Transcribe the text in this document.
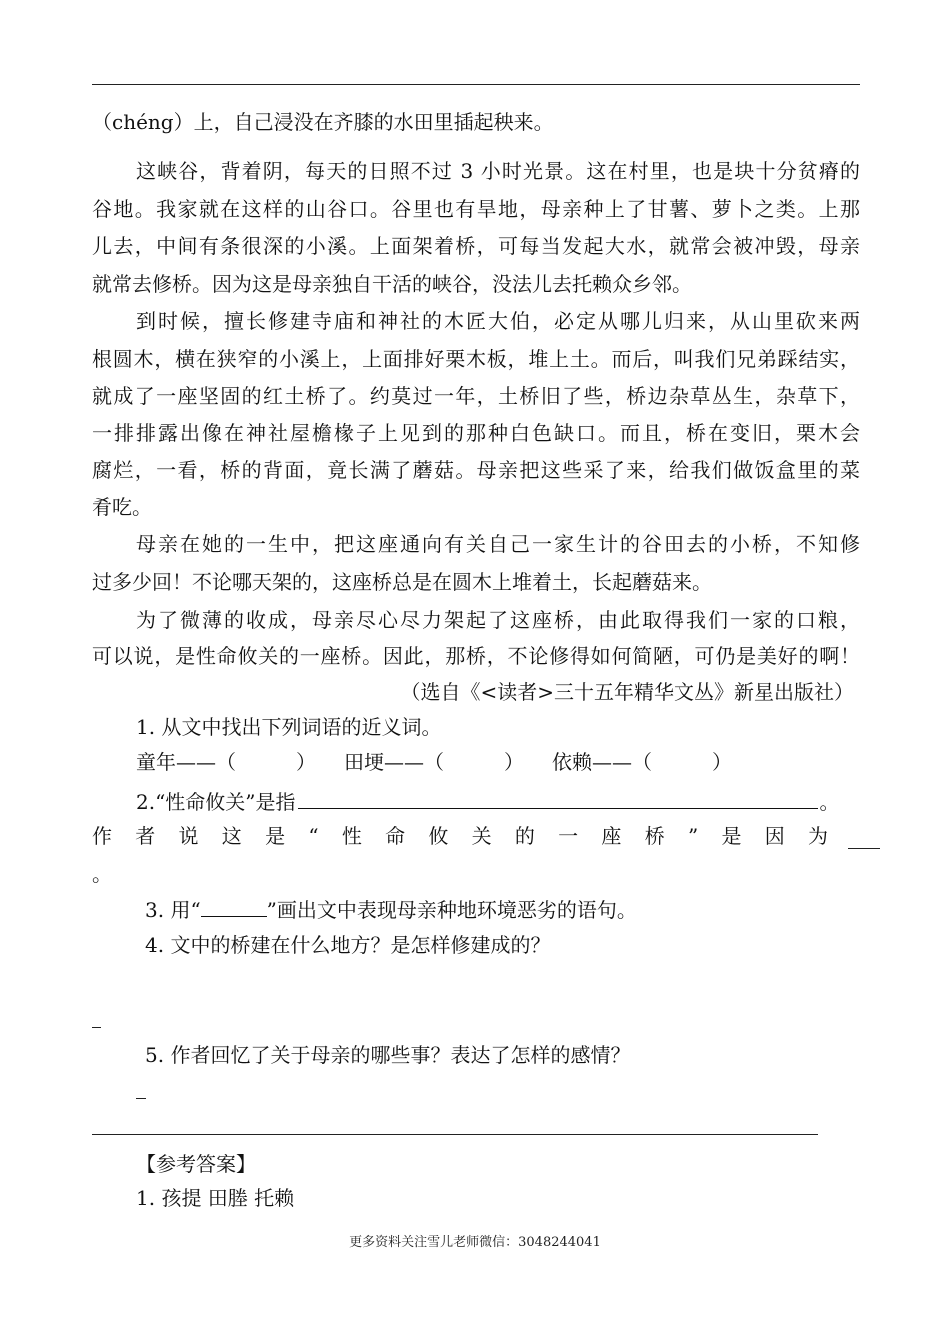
（chéng）上，自己浸没在齐膝的水田里插起秧来。
这峡谷，背着阴，每天的日照不过 3 小时光景。这在村里，也是块十分贫瘠的
谷地。我家就在这样的山谷口。谷里也有旱地，母亲种上了甘薯、萝卜之类。上那
儿去，中间有条很深的小溪。上面架着桥，可每当发起大水，就常会被冲毁，母亲
就常去修桥。因为这是母亲独自干活的峡谷，没法儿去托赖众乡邻。
到时候，擅长修建寺庙和神社的木匠大伯，必定从哪儿归来，从山里砍来两
根圆木，横在狭窄的小溪上，上面排好栗木板，堆上土。而后，叫我们兄弟踩结实，
就成了一座坚固的红土桥了。约莫过一年，土桥旧了些，桥边杂草丛生，杂草下，
一排排露出像在神社屋檐椽子上见到的那种白色缺口。而且，桥在变旧，栗木会
腐烂，一看，桥的背面，竟长满了蘑菇。母亲把这些采了来，给我们做饭盒里的菜
肴吃。
母亲在她的一生中，把这座通向有关自己一家生计的谷田去的小桥，不知修
过多少回！不论哪天架的，这座桥总是在圆木上堆着土，长起蘑菇来。
为了微薄的收成，母亲尽心尽力架起了这座桥，由此取得我们一家的口粮，
可以说，是性命攸关的一座桥。因此，那桥，不论修得如何简陋，可仍是美好的啊！
（选自《<读者>三十五年精华文丛》新星出版社）
1. 从文中找出下列词语的近义词。
童年——（　　　） 田埂——（　　　） 依赖——（　　　）
2.“性命攸关”是指	。
作者说这是“性命攸关的一座桥”是因为
。
3. 用“	”画出文中表现母亲种地环境恶劣的语句。
4. 文中的桥建在什么地方？是怎样修建成的？
5. 作者回忆了关于母亲的哪些事？表达了怎样的感情？
【参考答案】
1. 孩提 田塍 托赖
更多资料关注雪儿老师微信：3048244041
